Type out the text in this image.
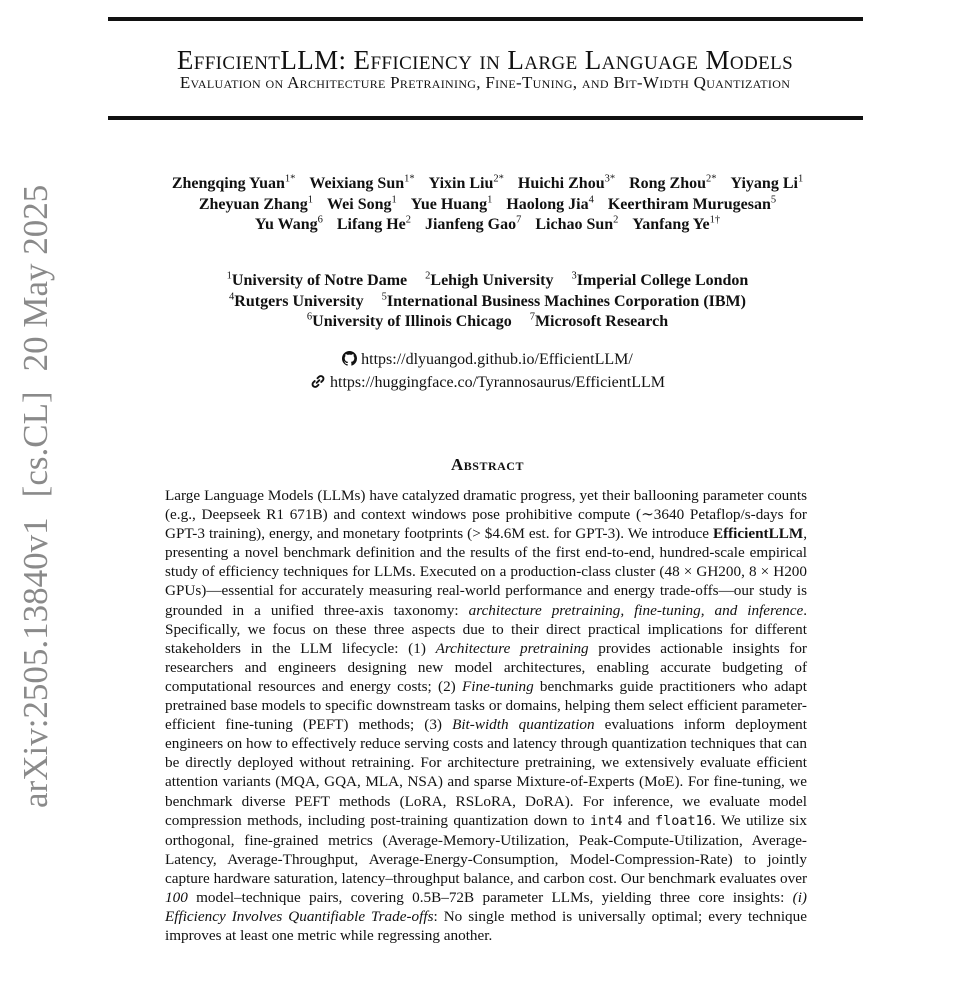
EfficientLLM: Efficiency in Large Language Models
Evaluation on Architecture Pretraining, Fine-Tuning, and Bit-Width Quantization
arXiv:2505.13840v1[cs.CL]20 May 2025
Zhengqing Yuan$^{1*}$ Weixiang Sun$^{1*}$ Yixin Liu$^{2*}$ Huichi Zhou$^{3*}$ Rong Zhou$^{2*}$ Yiyang Li$^1$
Zheyuan Zhang$^1$ Wei Song$^1$ Yue Huang$^1$ Haolong Jia$^4$ Keerthiram Murugesan$^5$
Yu Wang$^6$ Lifang He$^2$ Jianfeng Gao$^7$ Lichao Sun$^2$ Yanfang $Ye^{1\dagger}$
$^1$University of Notre Dame $^2$Lehigh University $^3$Imperial College London
$^4$Rutgers University $^5$International Business Machines Corporation (IBM)
$^6$University of Illinois Chicago $^7$Microsoft Research
https://dlyuangod.github.io/EfficientLLM/
https://huggingface.co/Tyrannosaurus/EfficientLLM
Abstract
Large Language Models (LLMs) have catalyzed dramatic progress, yet their ballooning parameter counts (e.g., Deepseek R1 671B) and context windows pose prohibitive compute (∼3640 Petaflop/s-days for GPT-3 training), energy, and monetary footprints (> $4.6M est. for GPT-3). We introduce EfficientLLM, presenting a novel benchmark definition and the results of the first end-to-end, hundred-scale empirical study of efficiency techniques for LLMs. Executed on a production-class cluster (48 × GH200, 8 × H200 GPUs)—essential for accurately measuring real-world performance and energy trade-offs—our study is grounded in a unified three-axis taxonomy: architecture pretraining, fine-tuning, and inference. Specifically, we focus on these three aspects due to their direct practical implications for different stakeholders in the LLM lifecycle: (1) Architecture pretraining provides actionable insights for researchers and engineers designing new model architectures, enabling accurate budgeting of computational resources and energy costs; (2) Fine-tuning benchmarks guide practitioners who adapt pretrained base models to specific downstream tasks or domains, helping them select efficient parameter-efficient fine-tuning (PEFT) methods; (3) Bit-width quantization evaluations inform deployment engineers on how to effectively reduce serving costs and latency through quantization techniques that can be directly deployed without retraining. For architecture pretraining, we extensively evaluate efficient attention variants (MQA, GQA, MLA, NSA) and sparse Mixture-of-Experts (MoE). For fine-tuning, we benchmark diverse PEFT methods (LoRA, RSLoRA, DoRA). For inference, we evaluate model compression methods, including post-training quantization down to int4 and float16. We utilize six orthogonal, fine-grained metrics (Average-Memory-Utilization, Peak-Compute-Utilization, Average-Latency, Average-Throughput, Average-Energy-Consumption, Model-Compression-Rate) to jointly capture hardware saturation, latency–throughput balance, and carbon cost. Our benchmark evaluates over 100 model–technique pairs, covering 0.5B–72B parameter LLMs, yielding three core insights: (i) Efficiency Involves Quantifiable Trade-offs: No single method is universally optimal; every technique improves at least one metric while regressing another.
